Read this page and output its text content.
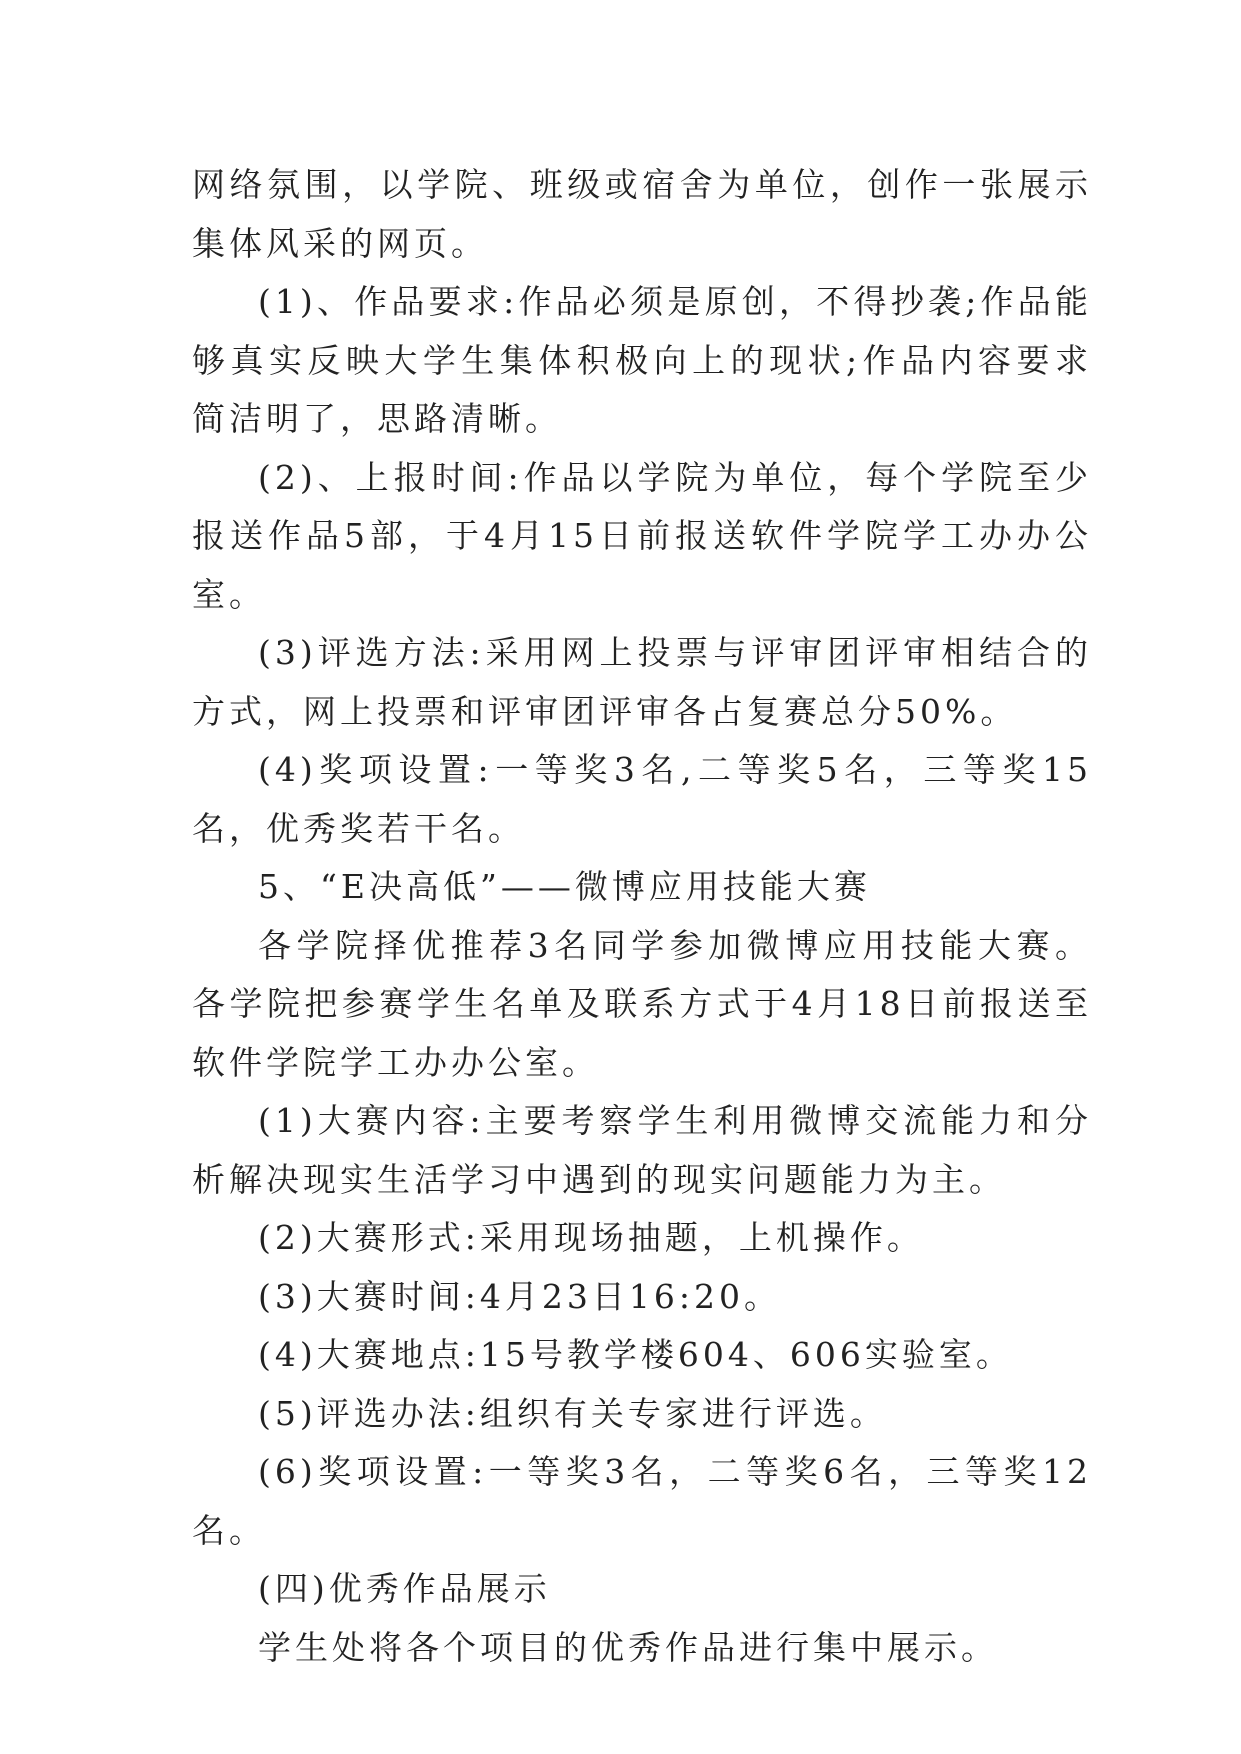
网络氛围，以学院、班级或宿舍为单位，创作一张展示集体风采的网页。

(1)、作品要求:作品必须是原创，不得抄袭;作品能够真实反映大学生集体积极向上的现状;作品内容要求简洁明了，思路清晰。

(2)、上报时间:作品以学院为单位，每个学院至少报送作品5部，于4月15日前报送软件学院学工办办公室。

(3)评选方法:采用网上投票与评审团评审相结合的方式，网上投票和评审团评审各占复赛总分50%。

(4)奖项设置:一等奖3名,二等奖5名，三等奖15名，优秀奖若干名。

5、“E决高低”——微博应用技能大赛

各学院择优推荐3名同学参加微博应用技能大赛。各学院把参赛学生名单及联系方式于4月18日前报送至软件学院学工办办公室。

(1)大赛内容:主要考察学生利用微博交流能力和分析解决现实生活学习中遇到的现实问题能力为主。

(2)大赛形式:采用现场抽题，上机操作。

(3)大赛时间:4月23日16:20。

(4)大赛地点:15号教学楼604、606实验室。

(5)评选办法:组织有关专家进行评选。

(6)奖项设置:一等奖3名，二等奖6名，三等奖12名。

(四)优秀作品展示

学生处将各个项目的优秀作品进行集中展示。
